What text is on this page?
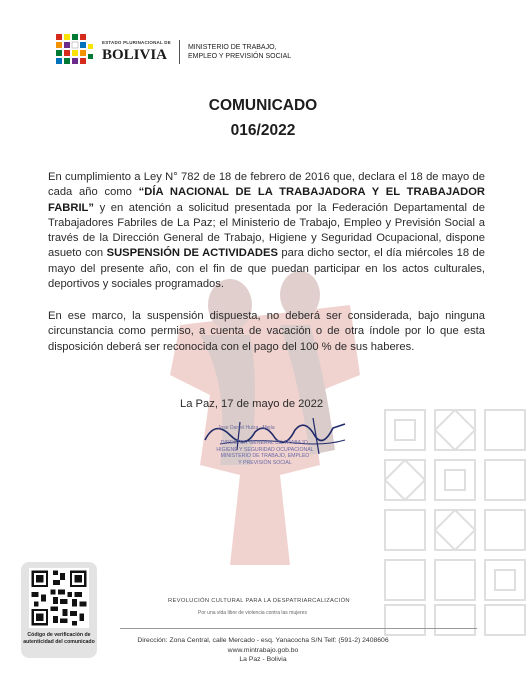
ESTADO PLURINACIONAL DE
BOLIVIA	MINISTERIO DE TRABAJO,
EMPLEO Y PREVISIÓN SOCIAL
COMUNICADO
016/2022

En cumplimiento a Ley N° 782 de 18 de febrero de 2016 que, declara el 18 de mayo de cada año como “DÍA NACIONAL DE LA TRABAJADORA Y EL TRABAJADOR FABRIL” y en atención a solicitud presentada por la Federación Departamental de Trabajadores Fabriles de La Paz; el Ministerio de Trabajo, Empleo y Previsión Social a través de la Dirección General de Trabajo, Higiene y Seguridad Ocupacional, dispone asueto con SUSPENSIÓN DE ACTIVIDADES para dicho sector, el día miércoles 18 de mayo del presente año, con el fin de que puedan participar en los actos culturales, deportivos y sociales programados.

En ese marco, la suspensión dispuesta, no deberá ser considerada, bajo ninguna circunstancia como permiso, a cuenta de vacación o de otra índole por lo que esta disposición deberá ser reconocida con el pago del 100 % de sus haberes.

La Paz, 17 de mayo de 2022
Jose Daniel Huiza...Mejía
DIRECTOR GENERAL DE TRABAJO,
HIGIENE Y SEGURIDAD OCUPACIONAL
MINISTERIO DE TRABAJO, EMPLEO
Y PREVISIÓN SOCIAL
Código de verificación de
autenticidad del comunicado
REVOLUCIÓN CULTURAL PARA LA DESPATRIARCALIZACIÓN
Por una vida libre de violencia contra las mujeres
Dirección: Zona Central, calle Mercado - esq. Yanacocha S/N Telf: (591-2) 2408606
www.mintrabajo.gob.bo
La Paz - Bolivia
